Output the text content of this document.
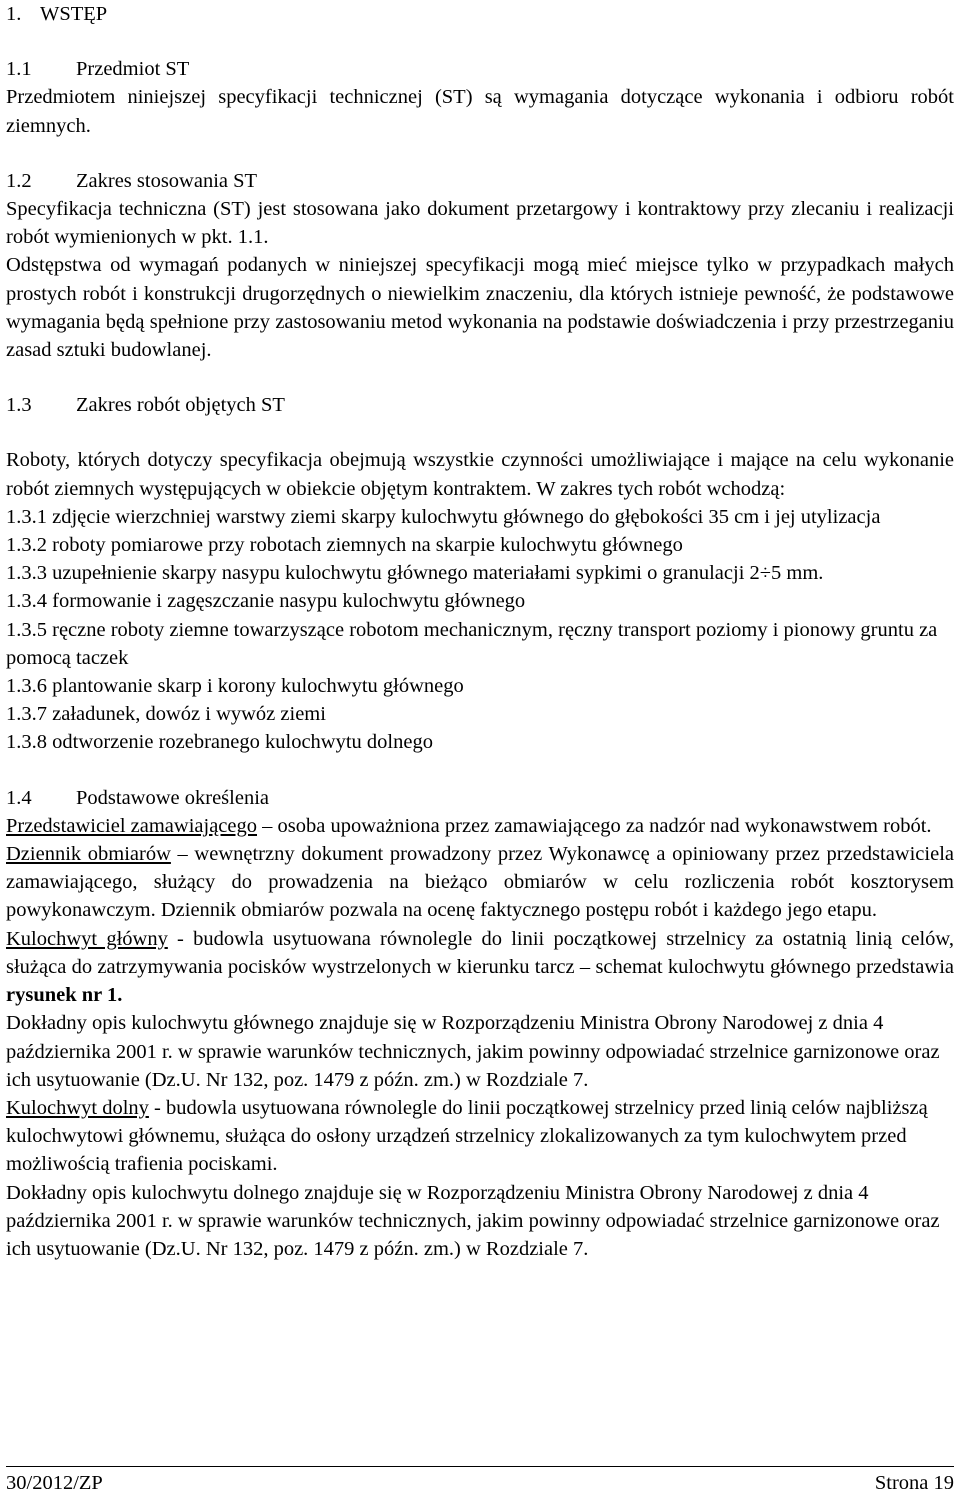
1. WSTĘP
1.1	Przedmiot ST

Przedmiotem niniejszej specyfikacji technicznej (ST) są wymagania dotyczące wykonania i odbioru robót ziemnych.

1.2	Zakres stosowania ST

Specyfikacja techniczna (ST) jest stosowana jako dokument przetargowy i kontraktowy przy zlecaniu i realizacji robót wymienionych w pkt. 1.1.

Odstępstwa od wymagań podanych w niniejszej specyfikacji mogą mieć miejsce tylko w przypadkach małych prostych robót i konstrukcji drugorzędnych o niewielkim znaczeniu, dla których istnieje pewność, że podstawowe wymagania będą spełnione przy zastosowaniu metod wykonania na podstawie doświadczenia i przy przestrzeganiu zasad sztuki budowlanej.

1.3	Zakres robót objętych ST

Roboty, których dotyczy specyfikacja obejmują wszystkie czynności umożliwiające i mające na celu wykonanie robót ziemnych występujących w obiekcie objętym kontraktem. W zakres tych robót wchodzą:

1.3.1 zdjęcie wierzchniej warstwy ziemi skarpy kulochwytu głównego do głębokości 35 cm i jej utylizacja

1.3.2 roboty pomiarowe przy robotach ziemnych na skarpie kulochwytu głównego

1.3.3 uzupełnienie skarpy nasypu kulochwytu głównego materiałami sypkimi o granulacji 2÷5 mm.

1.3.4 formowanie i zagęszczanie nasypu kulochwytu głównego

1.3.5 ręczne roboty ziemne towarzyszące robotom mechanicznym, ręczny transport poziomy i pionowy gruntu za pomocą taczek

1.3.6 plantowanie skarp i korony kulochwytu głównego

1.3.7 załadunek, dowóz i wywóz ziemi

1.3.8 odtworzenie rozebranego kulochwytu dolnego

1.4	Podstawowe określenia

Przedstawiciel zamawiającego – osoba upoważniona przez zamawiającego za nadzór nad wykonawstwem robót.

Dziennik obmiarów – wewnętrzny dokument prowadzony przez Wykonawcę a opiniowany przez przedstawiciela zamawiającego, służący do prowadzenia na bieżąco obmiarów w celu rozliczenia robót kosztorysem powykonawczym. Dziennik obmiarów pozwala na ocenę faktycznego postępu robót i każdego jego etapu.

Kulochwyt główny - budowla usytuowana równolegle do linii początkowej strzelnicy za ostatnią linią celów, służąca do zatrzymywania pocisków wystrzelonych w kierunku tarcz – schemat kulochwytu głównego przedstawia rysunek nr 1.

Dokładny opis kulochwytu głównego znajduje się w Rozporządzeniu Ministra Obrony Narodowej z dnia 4 października 2001 r. w sprawie warunków technicznych, jakim powinny odpowiadać strzelnice garnizonowe oraz ich usytuowanie (Dz.U. Nr 132, poz. 1479 z późn. zm.) w Rozdziale 7.

Kulochwyt dolny - budowla usytuowana równolegle do linii początkowej strzelnicy przed linią celów najbliższą kulochwytowi głównemu, służąca do osłony urządzeń strzelnicy zlokalizowanych za tym kulochwytem przed możliwością trafienia pociskami.

Dokładny opis kulochwytu dolnego znajduje się w Rozporządzeniu Ministra Obrony Narodowej z dnia 4 października 2001 r. w sprawie warunków technicznych, jakim powinny odpowiadać strzelnice garnizonowe oraz ich usytuowanie (Dz.U. Nr 132, poz. 1479 z późn. zm.) w Rozdziale 7.

30/2012/ZP	Strona 19
